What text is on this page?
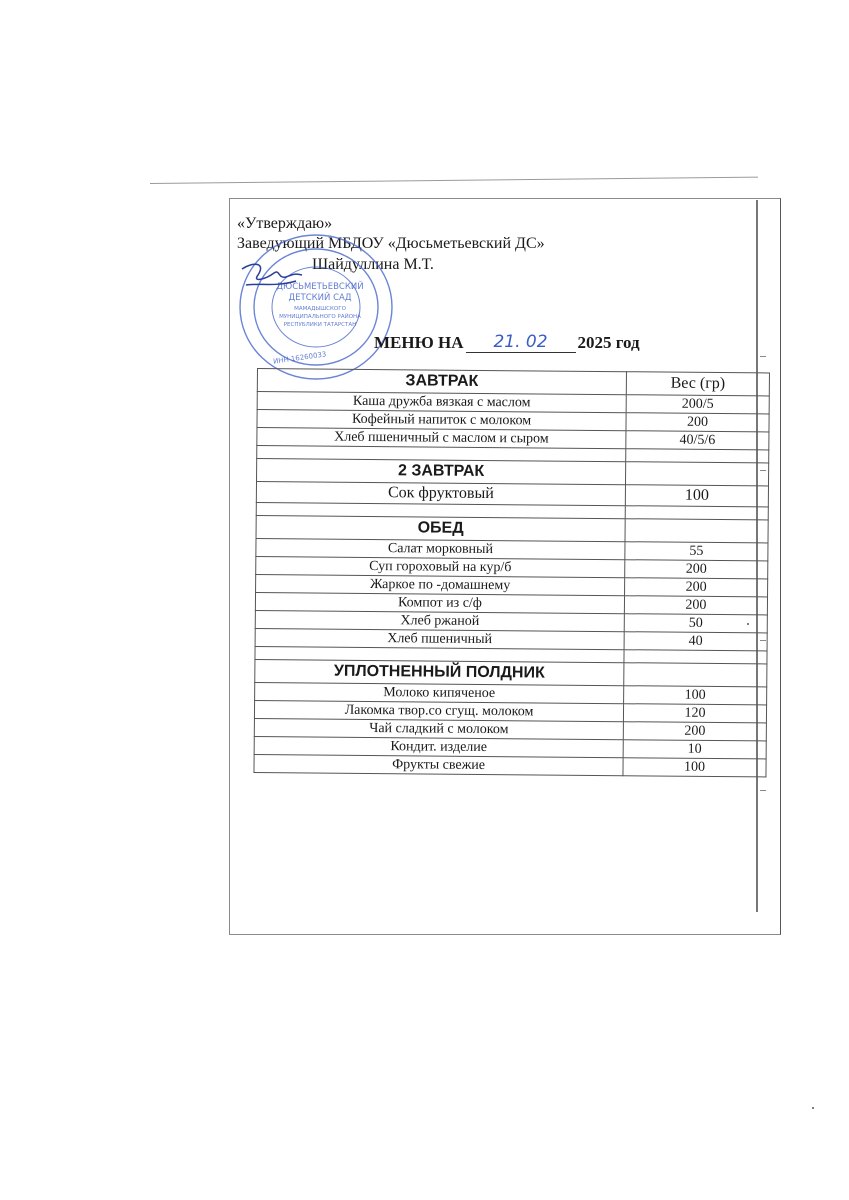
«Утверждаю»
Заведующий МБДОУ «Дюсьметьевский ДС»
Шайдуллина М.Т.
ДЮСЬМЕТЬЕВСКИЙ
ДЕТСКИЙ САД
МАМАДЫШСКОГО
МУНИЦИПАЛЬНОГО РАЙОНА
РЕСПУБЛИКИ ТАТАРСТАН
ИНН 16260033
МЕНЮ НА	21. 02	2025 год
ЗАВТРАК	Вес (гр)
Каша дружба вязкая с маслом	200/5
Кофейный напиток с молоком	200
Хлеб пшеничный с маслом и сыром	40/5/6

2 ЗАВТРАК	
Сок фруктовый	100

ОБЕД	
Салат морковный	55
Суп гороховый на кур/б	200
Жаркое по -домашнему	200
Компот из с/ф	200
Хлеб ржаной	50
Хлеб пшеничный	40

УПЛОТНЕННЫЙ ПОЛДНИК	
Молоко кипяченое	100
Лакомка твор.со сгущ. молоком	120
Чай сладкий с молоком	200
Кондит. изделие	10
Фрукты свежие	100
